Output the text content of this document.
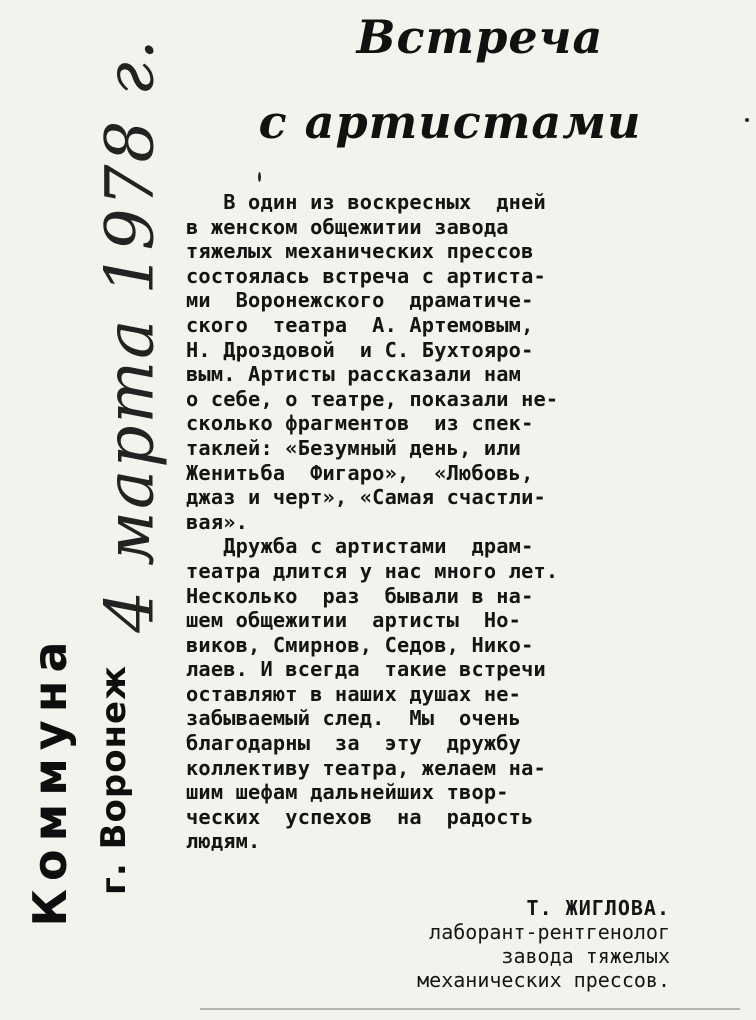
Встреча
с артистами
В один из воскресных  дней
в женском общежитии завода
тяжелых механических прессов
состоялась встреча с артиста-
ми  Воронежского  драматиче-
ского  театра  А. Артемовым,
Н. Дроздовой  и С. Бухтояро-
вым. Артисты рассказали нам
о себе, о театре, показали не-
сколько фрагментов  из спек-
таклей: «Безумный день, или
Женитьба  Фигаро»,  «Любовь,
джаз и черт», «Самая счастли-
вая».
Дружба с артистами  драм-
театра длится у нас много лет.
Несколько  раз  бывали в на-
шем общежитии  артисты  Но-
виков, Смирнов, Седов, Нико-
лаев. И всегда  такие встречи
оставляют в наших душах не-
забываемый след.  Мы  очень
благодарны  за  эту  дружбу
коллективу театра, желаем на-
шим шефам дальнейших твор-
ческих  успехов  на  радость
людям.
Т. ЖИГЛОВА.
лаборант-рентгенолог
завода тяжелых
механических прессов.
4 марта 1978 г.
Коммуна г. Воронеж
